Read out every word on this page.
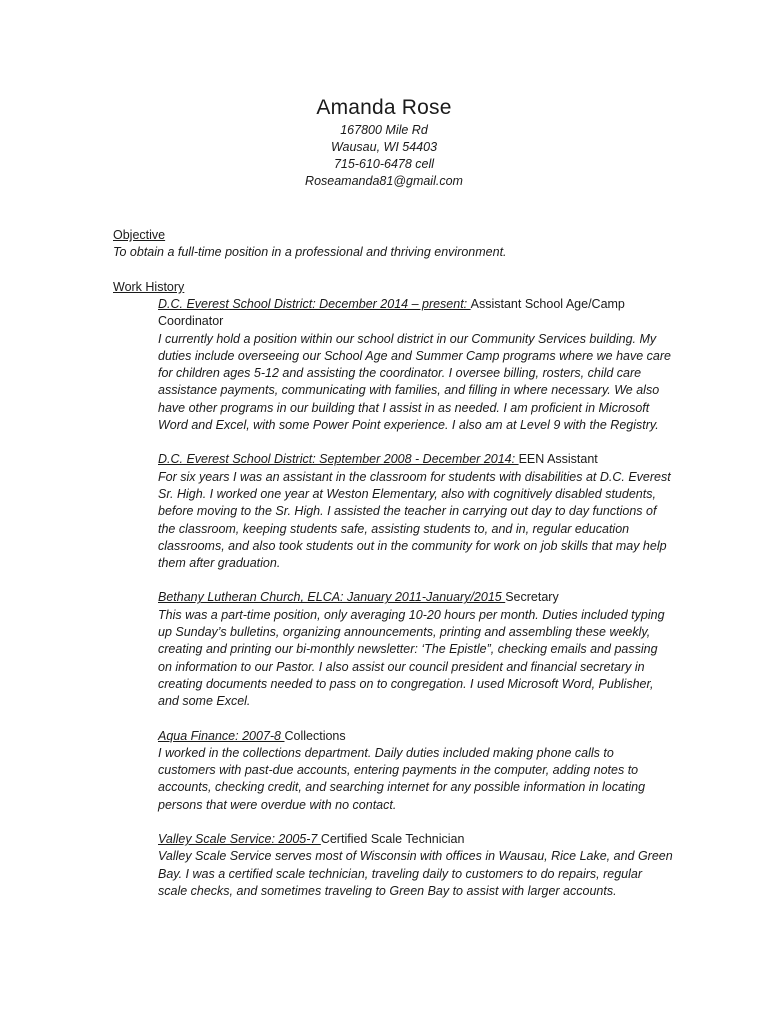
Amanda Rose
167800 Mile Rd
Wausau, WI 54403
715-610-6478 cell
Roseamanda81@gmail.com
Objective
To obtain a full-time position in a professional and thriving environment.
Work History
D.C. Everest School District: December 2014 – present: Assistant School Age/Camp Coordinator
I currently hold a position within our school district in our Community Services building. My duties include overseeing our School Age and Summer Camp programs where we have care for children ages 5-12 and assisting the coordinator. I oversee billing, rosters, child care assistance payments, communicating with families, and filling in where necessary. We also have other programs in our building that I assist in as needed. I am proficient in Microsoft Word and Excel, with some Power Point experience. I also am at Level 9 with the Registry.
D.C. Everest School District: September 2008 - December 2014: EEN Assistant
For six years I was an assistant in the classroom for students with disabilities at D.C. Everest Sr. High. I worked one year at Weston Elementary, also with cognitively disabled students, before moving to the Sr. High. I assisted the teacher in carrying out day to day functions of the classroom, keeping students safe, assisting students to, and in, regular education classrooms, and also took students out in the community for work on job skills that may help them after graduation.
Bethany Lutheran Church, ELCA: January 2011-January/2015 Secretary
This was a part-time position, only averaging 10-20 hours per month. Duties included typing up Sunday’s bulletins, organizing announcements, printing and assembling these weekly, creating and printing our bi-monthly newsletter: ‘The Epistle”, checking emails and passing on information to our Pastor. I also assist our council president and financial secretary in creating documents needed to pass on to congregation. I used Microsoft Word, Publisher, and some Excel.
Aqua Finance: 2007-8 Collections
I worked in the collections department. Daily duties included making phone calls to customers with past-due accounts, entering payments in the computer, adding notes to accounts, checking credit, and searching internet for any possible information in locating persons that were overdue with no contact.
Valley Scale Service: 2005-7 Certified Scale Technician
Valley Scale Service serves most of Wisconsin with offices in Wausau, Rice Lake, and Green Bay. I was a certified scale technician, traveling daily to customers to do repairs, regular scale checks, and sometimes traveling to Green Bay to assist with larger accounts.
